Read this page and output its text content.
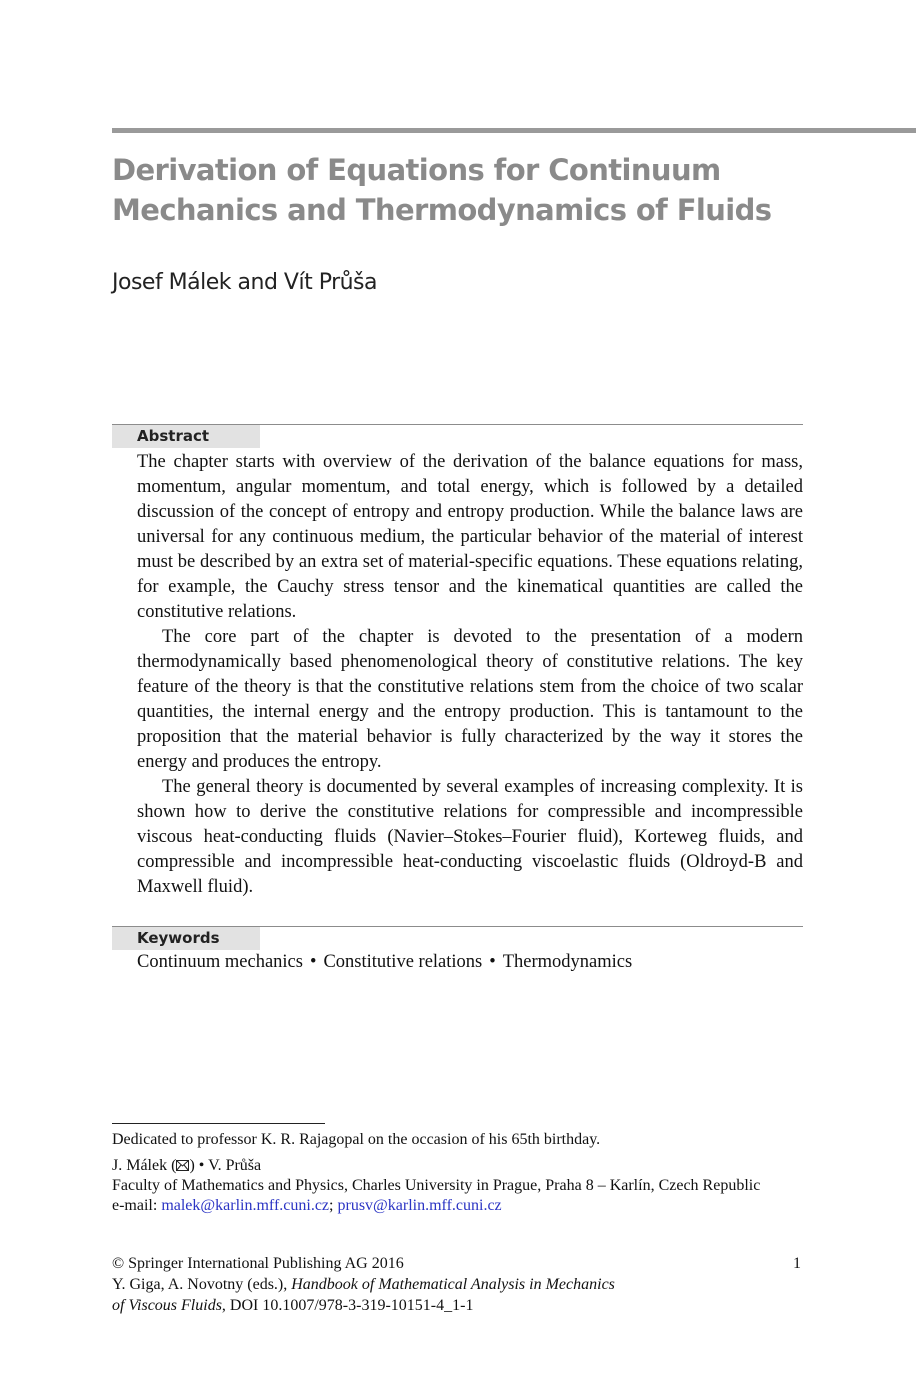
Derivation of Equations for Continuum
Mechanics and Thermodynamics of Fluids
Josef Málek and Vít Průša
Abstract

The chapter starts with overview of the derivation of the balance equations for mass, momentum, angular momentum, and total energy, which is followed by a detailed discussion of the concept of entropy and entropy production. While the balance laws are universal for any continuous medium, the particular behavior of the material of interest must be described by an extra set of material-specific equations. These equations relating, for example, the Cauchy stress tensor and the kinematical quantities are called the constitutive relations.

The core part of the chapter is devoted to the presentation of a modern thermodynamically based phenomenological theory of constitutive relations. The key feature of the theory is that the constitutive relations stem from the choice of two scalar quantities, the internal energy and the entropy production. This is tantamount to the proposition that the material behavior is fully characterized by the way it stores the energy and produces the entropy.

The general theory is documented by several examples of increasing complexity. It is shown how to derive the constitutive relations for compressible and incompressible viscous heat-conducting fluids (Navier–Stokes–Fourier fluid), Korteweg fluids, and compressible and incompressible heat-conducting viscoelastic fluids (Oldroyd-B and Maxwell fluid).

Keywords
Continuum mechanics • Constitutive relations • Thermodynamics
Dedicated to professor K. R. Rajagopal on the occasion of his 65th birthday.
J. Málek ( ) • V. Průša
Faculty of Mathematics and Physics, Charles University in Prague, Praha 8 – Karlín, Czech Republic
e-mail: malek@karlin.mff.cuni.cz; prusv@karlin.mff.cuni.cz
© Springer International Publishing AG 2016
Y. Giga, A. Novotny (eds.), Handbook of Mathematical Analysis in Mechanics
of Viscous Fluids, DOI 10.1007/978-3-319-10151-4_1-1
1
